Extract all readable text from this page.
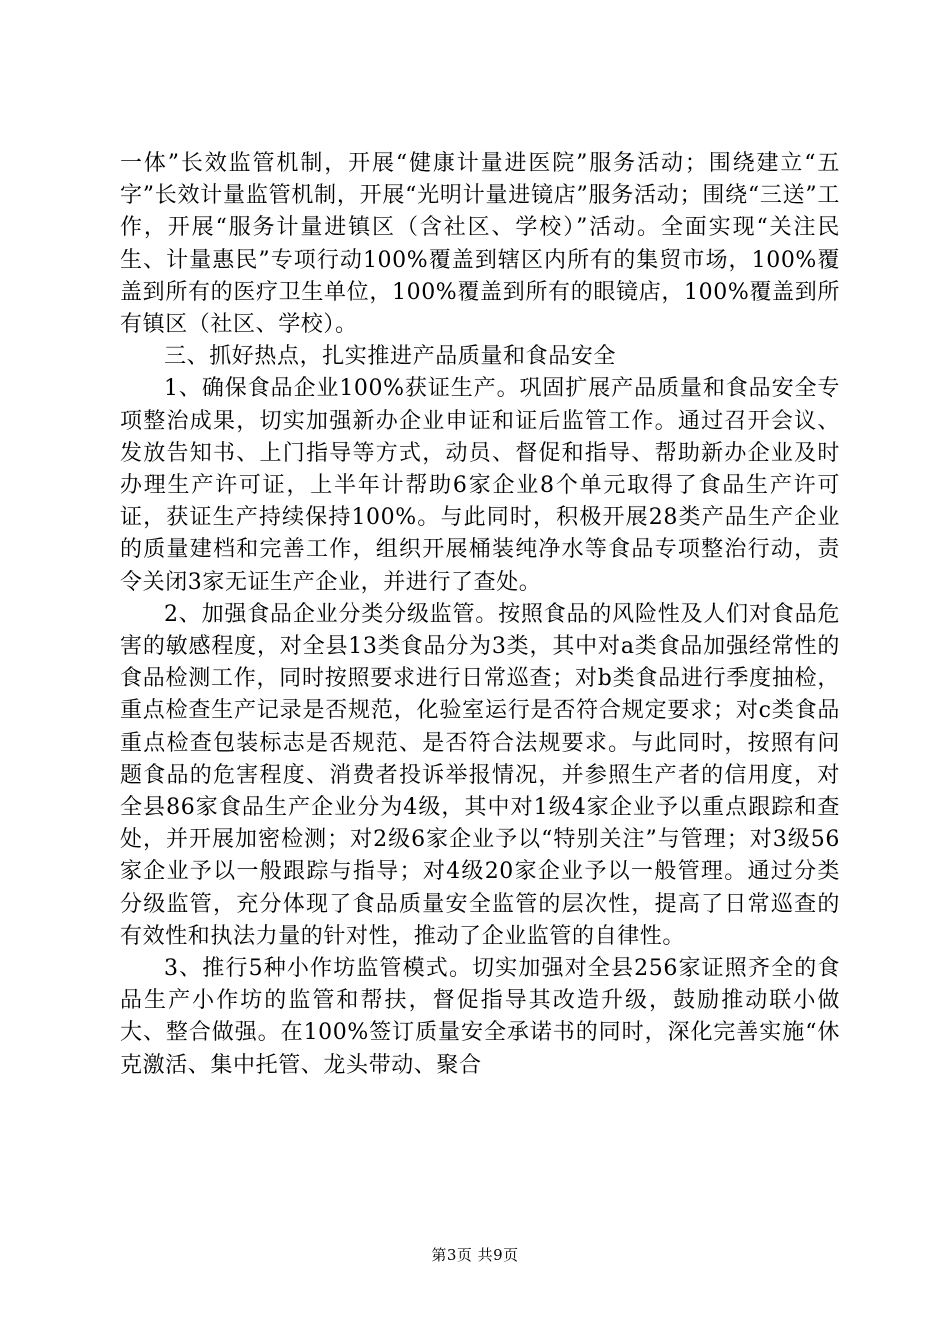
一体”长效监管机制，开展“健康计量进医院”服务活动；围绕建立“五字”长效计量监管机制，开展“光明计量进镜店”服务活动；围绕“三送”工作，开展“服务计量进镇区（含社区、学校）”活动。全面实现“关注民生、计量惠民”专项行动100%覆盖到辖区内所有的集贸市场，100%覆盖到所有的医疗卫生单位，100%覆盖到所有的眼镜店，100%覆盖到所有镇区（社区、学校）。

三、抓好热点，扎实推进产品质量和食品安全

1、确保食品企业100%获证生产。巩固扩展产品质量和食品安全专项整治成果，切实加强新办企业申证和证后监管工作。通过召开会议、发放告知书、上门指导等方式，动员、督促和指导、帮助新办企业及时办理生产许可证，上半年计帮助6家企业8个单元取得了食品生产许可证，获证生产持续保持100%。与此同时，积极开展28类产品生产企业的质量建档和完善工作，组织开展桶装纯净水等食品专项整治行动，责令关闭3家无证生产企业，并进行了查处。

2、加强食品企业分类分级监管。按照食品的风险性及人们对食品危害的敏感程度，对全县13类食品分为3类，其中对a类食品加强经常性的食品检测工作，同时按照要求进行日常巡查；对b类食品进行季度抽检，重点检查生产记录是否规范，化验室运行是否符合规定要求；对c类食品重点检查包装标志是否规范、是否符合法规要求。与此同时，按照有问题食品的危害程度、消费者投诉举报情况，并参照生产者的信用度，对全县86家食品生产企业分为4级，其中对1级4家企业予以重点跟踪和查处，并开展加密检测；对2级6家企业予以“特别关注”与管理；对3级56家企业予以一般跟踪与指导；对4级20家企业予以一般管理。通过分类分级监管，充分体现了食品质量安全监管的层次性，提高了日常巡查的有效性和执法力量的针对性，推动了企业监管的自律性。

3、推行5种小作坊监管模式。切实加强对全县256家证照齐全的食品生产小作坊的监管和帮扶，督促指导其改造升级，鼓励推动联小做大、整合做强。在100%签订质量安全承诺书的同时，深化完善实施“休克激活、集中托管、龙头带动、聚合

第3页 共9页
